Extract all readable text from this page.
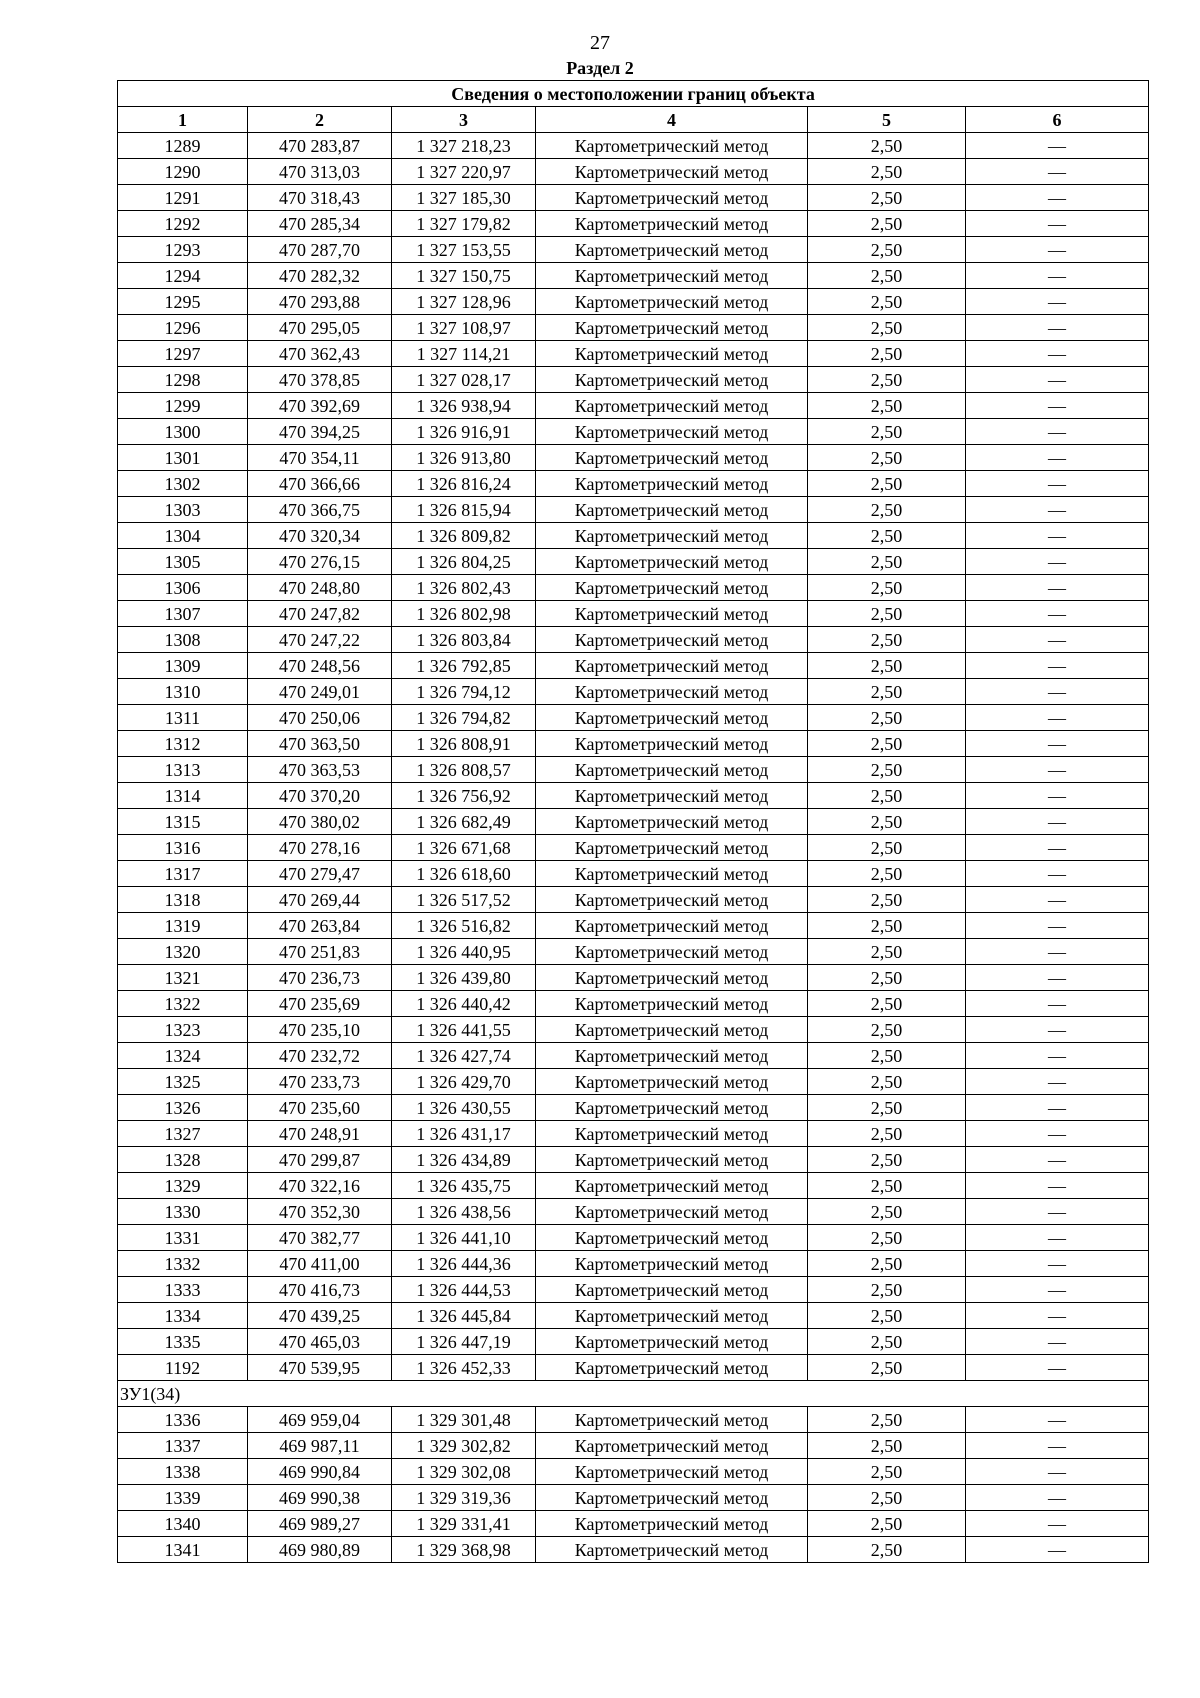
27
Раздел 2
Сведения о местоположении границ объекта					
1	2	3	4	5	6
1289	470 283,87	1 327 218,23	Картометрический метод	2,50	—
1290	470 313,03	1 327 220,97	Картометрический метод	2,50	—
1291	470 318,43	1 327 185,30	Картометрический метод	2,50	—
1292	470 285,34	1 327 179,82	Картометрический метод	2,50	—
1293	470 287,70	1 327 153,55	Картометрический метод	2,50	—
1294	470 282,32	1 327 150,75	Картометрический метод	2,50	—
1295	470 293,88	1 327 128,96	Картометрический метод	2,50	—
1296	470 295,05	1 327 108,97	Картометрический метод	2,50	—
1297	470 362,43	1 327 114,21	Картометрический метод	2,50	—
1298	470 378,85	1 327 028,17	Картометрический метод	2,50	—
1299	470 392,69	1 326 938,94	Картометрический метод	2,50	—
1300	470 394,25	1 326 916,91	Картометрический метод	2,50	—
1301	470 354,11	1 326 913,80	Картометрический метод	2,50	—
1302	470 366,66	1 326 816,24	Картометрический метод	2,50	—
1303	470 366,75	1 326 815,94	Картометрический метод	2,50	—
1304	470 320,34	1 326 809,82	Картометрический метод	2,50	—
1305	470 276,15	1 326 804,25	Картометрический метод	2,50	—
1306	470 248,80	1 326 802,43	Картометрический метод	2,50	—
1307	470 247,82	1 326 802,98	Картометрический метод	2,50	—
1308	470 247,22	1 326 803,84	Картометрический метод	2,50	—
1309	470 248,56	1 326 792,85	Картометрический метод	2,50	—
1310	470 249,01	1 326 794,12	Картометрический метод	2,50	—
1311	470 250,06	1 326 794,82	Картометрический метод	2,50	—
1312	470 363,50	1 326 808,91	Картометрический метод	2,50	—
1313	470 363,53	1 326 808,57	Картометрический метод	2,50	—
1314	470 370,20	1 326 756,92	Картометрический метод	2,50	—
1315	470 380,02	1 326 682,49	Картометрический метод	2,50	—
1316	470 278,16	1 326 671,68	Картометрический метод	2,50	—
1317	470 279,47	1 326 618,60	Картометрический метод	2,50	—
1318	470 269,44	1 326 517,52	Картометрический метод	2,50	—
1319	470 263,84	1 326 516,82	Картометрический метод	2,50	—
1320	470 251,83	1 326 440,95	Картометрический метод	2,50	—
1321	470 236,73	1 326 439,80	Картометрический метод	2,50	—
1322	470 235,69	1 326 440,42	Картометрический метод	2,50	—
1323	470 235,10	1 326 441,55	Картометрический метод	2,50	—
1324	470 232,72	1 326 427,74	Картометрический метод	2,50	—
1325	470 233,73	1 326 429,70	Картометрический метод	2,50	—
1326	470 235,60	1 326 430,55	Картометрический метод	2,50	—
1327	470 248,91	1 326 431,17	Картометрический метод	2,50	—
1328	470 299,87	1 326 434,89	Картометрический метод	2,50	—
1329	470 322,16	1 326 435,75	Картометрический метод	2,50	—
1330	470 352,30	1 326 438,56	Картометрический метод	2,50	—
1331	470 382,77	1 326 441,10	Картометрический метод	2,50	—
1332	470 411,00	1 326 444,36	Картометрический метод	2,50	—
1333	470 416,73	1 326 444,53	Картометрический метод	2,50	—
1334	470 439,25	1 326 445,84	Картометрический метод	2,50	—
1335	470 465,03	1 326 447,19	Картометрический метод	2,50	—
1192	470 539,95	1 326 452,33	Картометрический метод	2,50	—
ЗУ1(34)					
1336	469 959,04	1 329 301,48	Картометрический метод	2,50	—
1337	469 987,11	1 329 302,82	Картометрический метод	2,50	—
1338	469 990,84	1 329 302,08	Картометрический метод	2,50	—
1339	469 990,38	1 329 319,36	Картометрический метод	2,50	—
1340	469 989,27	1 329 331,41	Картометрический метод	2,50	—
1341	469 980,89	1 329 368,98	Картометрический метод	2,50	—
